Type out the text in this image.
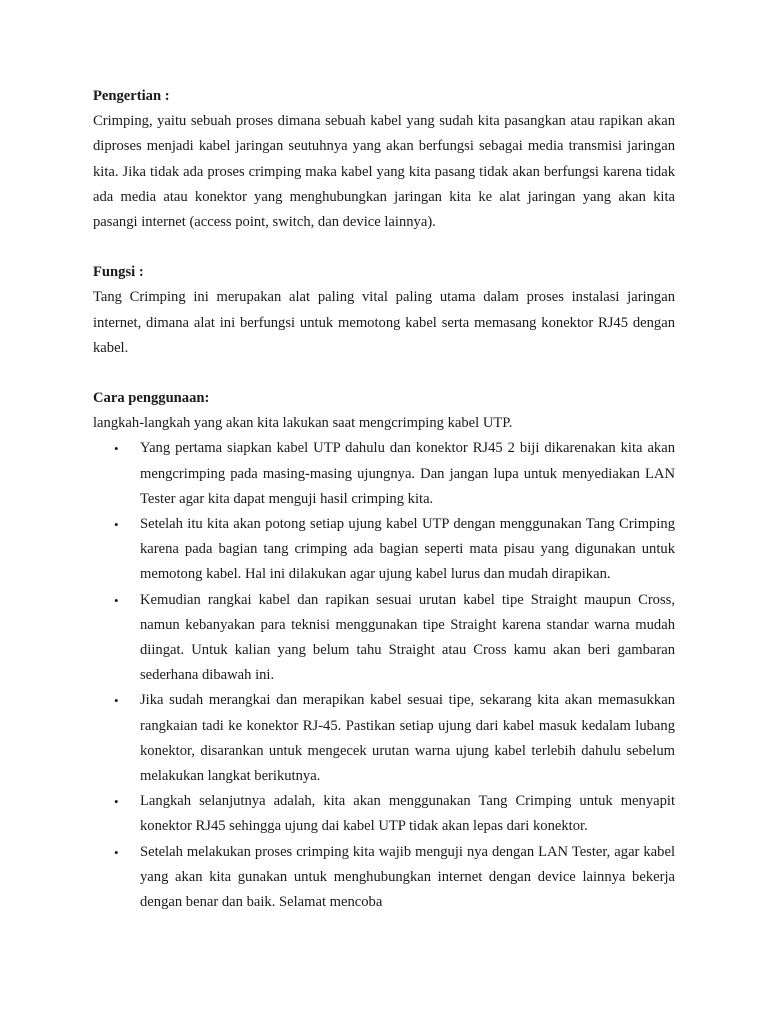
Pengertian :

Crimping, yaitu sebuah proses dimana sebuah kabel yang sudah kita pasangkan atau rapikan akan diproses menjadi kabel jaringan seutuhnya yang akan berfungsi sebagai media transmisi jaringan kita. Jika tidak ada proses crimping maka kabel yang kita pasang tidak akan berfungsi karena tidak ada media atau konektor yang menghubungkan jaringan kita ke alat jaringan yang akan kita pasangi internet (access point, switch, dan device lainnya).

Fungsi :

Tang Crimping ini merupakan alat paling vital paling utama dalam proses instalasi jaringan internet, dimana alat ini berfungsi untuk memotong kabel serta memasang konektor RJ45 dengan kabel.

Cara penggunaan:

langkah-langkah yang akan kita lakukan saat mengcrimping kabel UTP.

• Yang pertama siapkan kabel UTP dahulu dan konektor RJ45 2 biji dikarenakan kita akan mengcrimping pada masing-masing ujungnya. Dan jangan lupa untuk menyediakan LAN Tester agar kita dapat menguji hasil crimping kita.
• Setelah itu kita akan potong setiap ujung kabel UTP dengan menggunakan Tang Crimping karena pada bagian tang crimping ada bagian seperti mata pisau yang digunakan untuk memotong kabel. Hal ini dilakukan agar ujung kabel lurus dan mudah dirapikan.
• Kemudian rangkai kabel dan rapikan sesuai urutan kabel tipe Straight maupun Cross, namun kebanyakan para teknisi menggunakan tipe Straight karena standar warna mudah diingat. Untuk kalian yang belum tahu Straight atau Cross kamu akan beri gambaran sederhana dibawah ini.
• Jika sudah merangkai dan merapikan kabel sesuai tipe, sekarang kita akan memasukkan rangkaian tadi ke konektor RJ-45. Pastikan setiap ujung dari kabel masuk kedalam lubang konektor, disarankan untuk mengecek urutan warna ujung kabel terlebih dahulu sebelum melakukan langkat berikutnya.
• Langkah selanjutnya adalah, kita akan menggunakan Tang Crimping untuk menyapit konektor RJ45 sehingga ujung dai kabel UTP tidak akan lepas dari konektor.
• Setelah melakukan proses crimping kita wajib menguji nya dengan LAN Tester, agar kabel yang akan kita gunakan untuk menghubungkan internet dengan device lainnya bekerja dengan benar dan baik. Selamat mencoba
